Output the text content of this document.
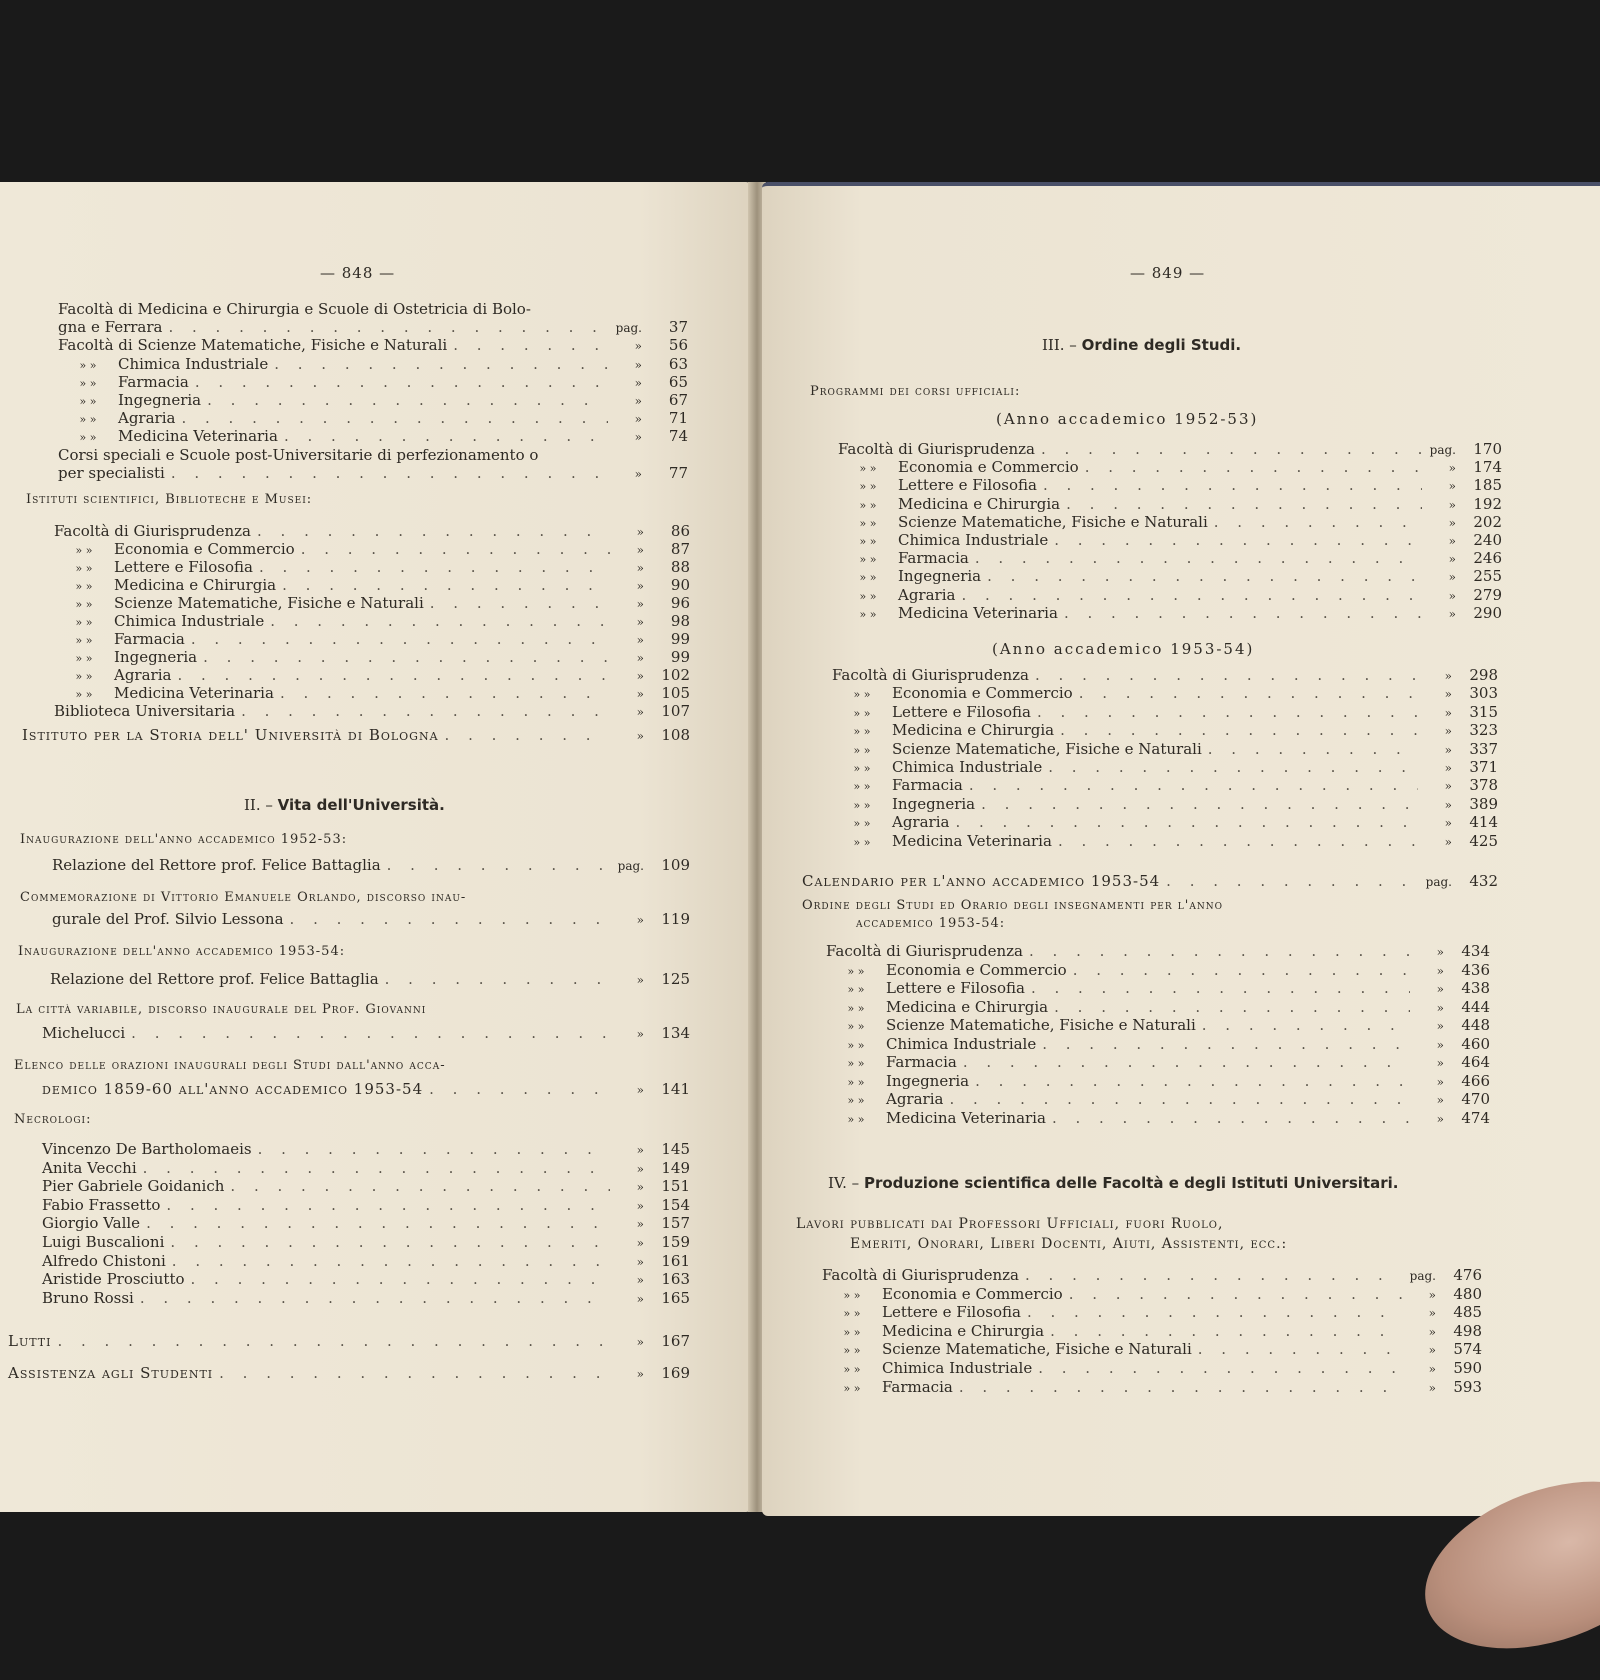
— 848 —
Facoltà di Medicina e Chirurgia e Scuole di Ostetricia di Bolo-
gna e Ferrara . . .	pag.	37
Facoltà di Scienze Matematiche, Fisiche e Naturali . . .	»	56
» »	Chimica Industriale . . .	»	63
» »	Farmacia . . .	»	65
» »	Ingegneria . . .	»	67
» »	Agraria . . .	»	71
» »	Medicina Veterinaria . . .	»	74
Corsi speciali e Scuole post-Universitarie di perfezionamento o
per specialisti . . .	»	77
Istituti scientifici, Biblioteche e Musei:
Facoltà di Giurisprudenza . . .	»	86
» »	Economia e Commercio . . .	»	87
» »	Lettere e Filosofia . . .	»	88
» »	Medicina e Chirurgia . . .	»	90
» »	Scienze Matematiche, Fisiche e Naturali . . .	»	96
» »	Chimica Industriale . . .	»	98
» »	Farmacia . . .	»	99
» »	Ingegneria . . .	»	99
» »	Agraria . . .	»	102
» »	Medicina Veterinaria . . .	»	105
Biblioteca Universitaria . . .	»	107
Istituto per la Storia dell' Università di Bologna . . .	»	108
II. – Vita dell'Università.
Inaugurazione dell'anno accademico 1952-53:
Relazione del Rettore prof. Felice Battaglia . . .	pag.	109
Commemorazione di Vittorio Emanuele Orlando, discorso inau-
gurale del Prof. Silvio Lessona . . .	»	119
Inaugurazione dell'anno accademico 1953-54:
Relazione del Rettore prof. Felice Battaglia . . .	»	125
La città variabile, discorso inaugurale del Prof. Giovanni
Michelucci . . .	»	134
Elenco delle orazioni inaugurali degli Studi dall'anno acca-
demico 1859-60 all'anno accademico 1953-54 . . .	»	141
Necrologi:
Vincenzo De Bartholomaeis . . .	»	145
Anita Vecchi . . .	»	149
Pier Gabriele Goidanich . . .	»	151
Fabio Frassetto . . .	»	154
Giorgio Valle . . .	»	157
Luigi Buscalioni . . .	»	159
Alfredo Chistoni . . .	»	161
Aristide Prosciutto . . .	»	163
Bruno Rossi . . .	»	165
Lutti . . .	»	167
Assistenza agli Studenti . . .	»	169
— 849 —
III. – Ordine degli Studi.
Programmi dei corsi ufficiali:
(Anno accademico 1952-53)
Facoltà di Giurisprudenza . . .	pag.	170
» »	Economia e Commercio . . .	»	174
» »	Lettere e Filosofia . . .	»	185
» »	Medicina e Chirurgia . . .	»	192
» »	Scienze Matematiche, Fisiche e Naturali . . .	»	202
» »	Chimica Industriale . . .	»	240
» »	Farmacia . . .	»	246
» »	Ingegneria . . .	»	255
» »	Agraria . . .	»	279
» »	Medicina Veterinaria . . .	»	290
(Anno accademico 1953-54)
Facoltà di Giurisprudenza . . .	»	298
» »	Economia e Commercio . . .	»	303
» »	Lettere e Filosofia . . .	»	315
» »	Medicina e Chirurgia . . .	»	323
» »	Scienze Matematiche, Fisiche e Naturali . . .	»	337
» »	Chimica Industriale . . .	»	371
» »	Farmacia . . .	»	378
» »	Ingegneria . . .	»	389
» »	Agraria . . .	»	414
» »	Medicina Veterinaria . . .	»	425
Calendario per l'anno accademico 1953-54 . . .	pag.	432
Ordine degli Studi ed Orario degli insegnamenti per l'anno
accademico 1953-54:
Facoltà di Giurisprudenza . . .	»	434
» »	Economia e Commercio . . .	»	436
» »	Lettere e Filosofia . . .	»	438
» »	Medicina e Chirurgia . . .	»	444
» »	Scienze Matematiche, Fisiche e Naturali . . .	»	448
» »	Chimica Industriale . . .	»	460
» »	Farmacia . . .	»	464
» »	Ingegneria . . .	»	466
» »	Agraria . . .	»	470
» »	Medicina Veterinaria . . .	»	474
IV. – Produzione scientifica delle Facoltà e degli Istituti Universitari.
Lavori pubblicati dai Professori Ufficiali, fuori Ruolo,
Emeriti, Onorari, Liberi Docenti, Aiuti, Assistenti, ecc.:
Facoltà di Giurisprudenza . . .	pag.	476
» »	Economia e Commercio . . .	»	480
» »	Lettere e Filosofia . . .	»	485
» »	Medicina e Chirurgia . . .	»	498
» »	Scienze Matematiche, Fisiche e Naturali . . .	»	574
» »	Chimica Industriale . . .	»	590
» »	Farmacia . . .	»	593
